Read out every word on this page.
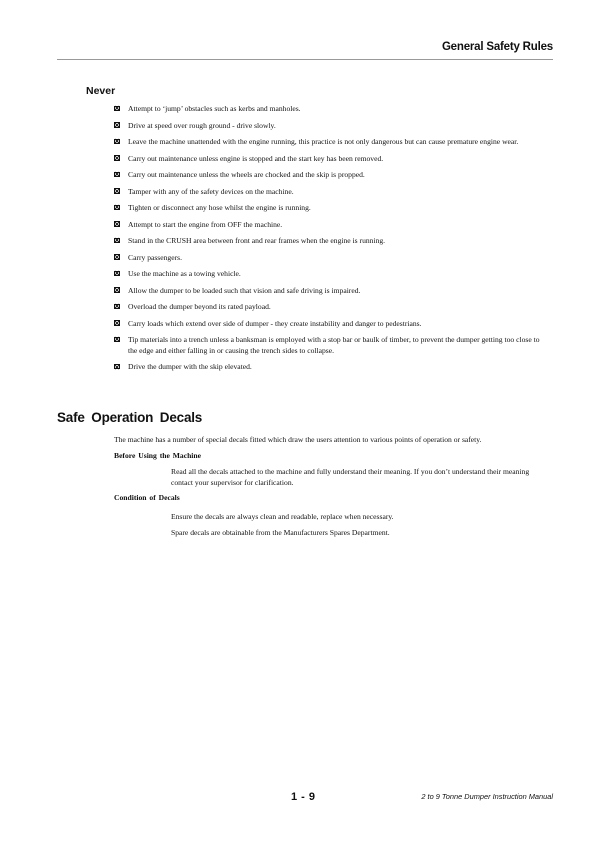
General Safety Rules
Never
Attempt to ‘jump’ obstacles such as kerbs and manholes.
Drive at speed over rough ground - drive slowly.
Leave the machine unattended with the engine running, this practice is not only dangerous but can cause premature engine wear.
Carry out maintenance unless engine is stopped and the start key has been removed.
Carry out maintenance unless the wheels are chocked and the skip is propped.
Tamper with any of the safety devices on the machine.
Tighten or disconnect any hose whilst the engine is running.
Attempt to start the engine from OFF the machine.
Stand in the CRUSH area between front and rear frames when the engine is running.
Carry passengers.
Use the machine as a towing vehicle.
Allow the dumper to be loaded such that vision and safe driving is impaired.
Overload the dumper beyond its rated payload.
Carry loads which extend over side of dumper - they create instability and danger to pedestrians.
Tip materials into a trench unless a banksman is employed with a stop bar or baulk of timber, to prevent the dumper getting too close to the edge and either falling in or causing the trench sides to collapse.
Drive the dumper with the skip elevated.
Safe Operation Decals
The machine has a number of special decals fitted which draw the users attention to various points of operation or safety.
Before Using the Machine
Read all the decals attached to the machine and fully understand their meaning. If you don’t understand their meaning contact your supervisor for clarification.
Condition of Decals
Ensure the decals are always clean and readable, replace when necessary.
Spare decals are obtainable from the Manufacturers Spares Department.
1 - 9	2 to 9 Tonne Dumper Instruction Manual
